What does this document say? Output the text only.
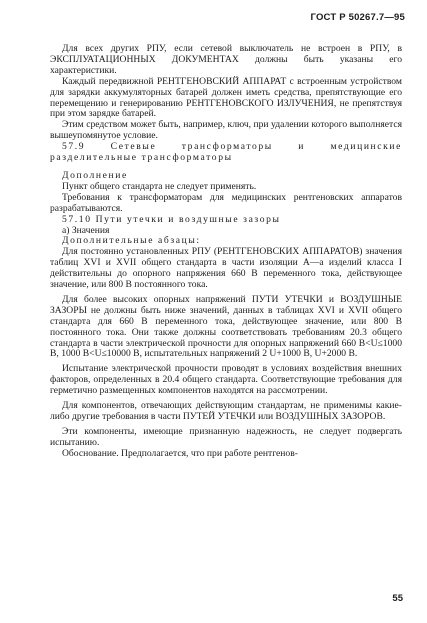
ГОСТ Р 50267.7—95

Для всех других РПУ, если сетевой выключатель не встроен в РПУ, в ЭКСПЛУАТАЦИОННЫХ ДОКУМЕНТАХ должны быть указаны его характеристики.

Каждый передвижной РЕНТГЕНОВСКИЙ АППАРАТ с встроенным устройством для зарядки аккумуляторных батарей должен иметь средства, препятствующие его перемещению и генерированию РЕНТГЕНОВСКОГО ИЗЛУЧЕНИЯ, не препятствуя при этом зарядке батарей.

Этим средством может быть, например, ключ, при удалении которого выполняется вышеупомянутое условие.

57.9 Сетевые трансформаторы и медицинские разделительные трансформаторы

Дополнение

Пункт общего стандарта не следует применять.

Требования к трансформаторам для медицинских рентгеновских аппаратов разрабатываются.

57.10 Пути утечки и воздушные зазоры

а) Значения

Дополнительные абзацы:

Для постоянно установленных РПУ (РЕНТГЕНОВСКИХ АППАРАТОВ) значения таблиц XVI и XVII общего стандарта в части изоляции А—а изделий класса I действительны до опорного напряжения 660 В переменного тока, действующее значение, или 800 В постоянного тока.

Для более высоких опорных напряжений ПУТИ УТЕЧКИ и ВОЗДУШНЫЕ ЗАЗОРЫ не должны быть ниже значений, данных в таблицах XVI и XVII общего стандарта для 660 В переменного тока, действующее значение, или 800 В постоянного тока. Они также должны соответствовать требованиям 20.3 общего стандарта в части электрической прочности для опорных напряжений 660 В<U≤1000 В, 1000 В<U≤10000 В, испытательных напряжений 2 U+1000 В, U+2000 В.

Испытание электрической прочности проводят в условиях воздействия внешних факторов, определенных в 20.4 общего стандарта. Соответствующие требования для герметично размещенных компонентов находятся на рассмотрении.

Для компонентов, отвечающих действующим стандартам, не применимы какие-либо другие требования в части ПУТЕЙ УТЕЧКИ или ВОЗДУШНЫХ ЗАЗОРОВ.

Эти компоненты, имеющие признанную надежность, не следует подвергать испытанию.

Обоснование. Предполагается, что при работе рентгенов-

55
